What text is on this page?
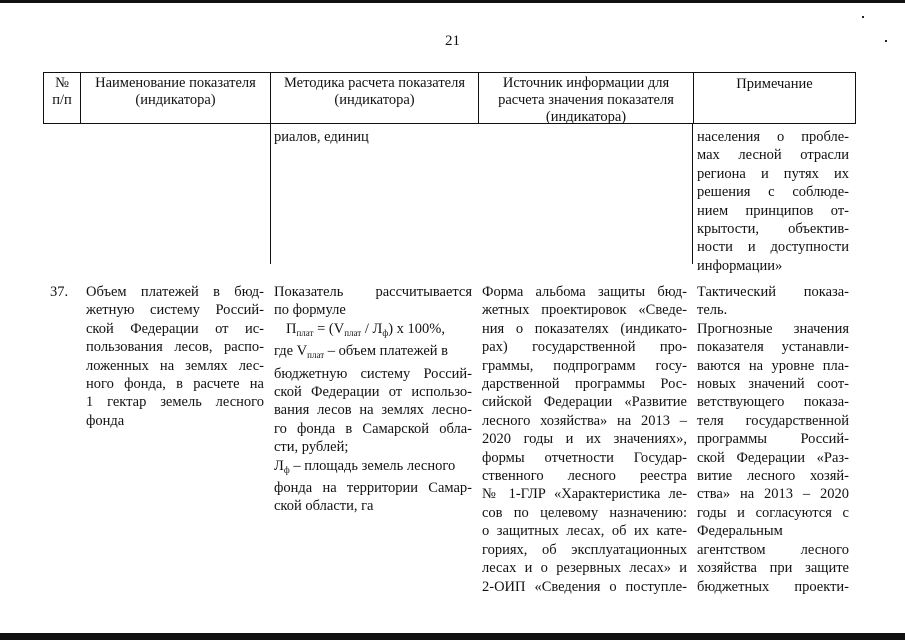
21
№ п/п
Наименование показателя (индикатора)
Методика расчета показателя (индикатора)
Источник информации для расчета значения показателя (индикатора)
Примечание
риалов, единиц	населения о пробле-
мах лесной отрасли
региона и путях их
решения с соблюде-
нием принципов от-
крытости, объектив-
ности и доступности
информации»
37.	Объем платежей в бюд-
жетную систему Россий-
ской Федерации от ис-
пользования лесов, распо-
ложенных на землях лес-
ного фонда, в расчете на
1 гектар земель лесного
фонда
Показатель рассчитывается
по формуле
$П_{плат} = (V_{плат} / Л_ф)$ x 100%,
где $V_{плат}$ – объем платежей в
бюджетную систему Россий-
ской Федерации от использо-
вания лесов на землях лесно-
го фонда в Самарской обла-
сти, рублей;
$Л_ф$ – площадь земель лесного
фонда на территории Самар-
ской области, га
Форма альбома защиты бюд-
жетных проектировок «Сведе-
ния о показателях (индикато-
рах) государственной про-
граммы, подпрограмм госу-
дарственной программы Рос-
сийской Федерации «Развитие
лесного хозяйства» на 2013 –
2020 годы и их значениях»,
формы отчетности Государ-
ственного лесного реестра
№ 1-ГЛР «Характеристика ле-
сов по целевому назначению:
о защитных лесах, об их кате-
гориях, об эксплуатационных
лесах и о резервных лесах» и
2-ОИП «Сведения о поступле-
Тактический показа-
тель.
Прогнозные значения
показателя устанавли-
ваются на уровне пла-
новых значений соот-
ветствующего показа-
теля государственной
программы Россий-
ской Федерации «Раз-
витие лесного хозяй-
ства» на 2013 – 2020
годы и согласуются с
Федеральным
агентством лесного
хозяйства при защите
бюджетных проекти-
